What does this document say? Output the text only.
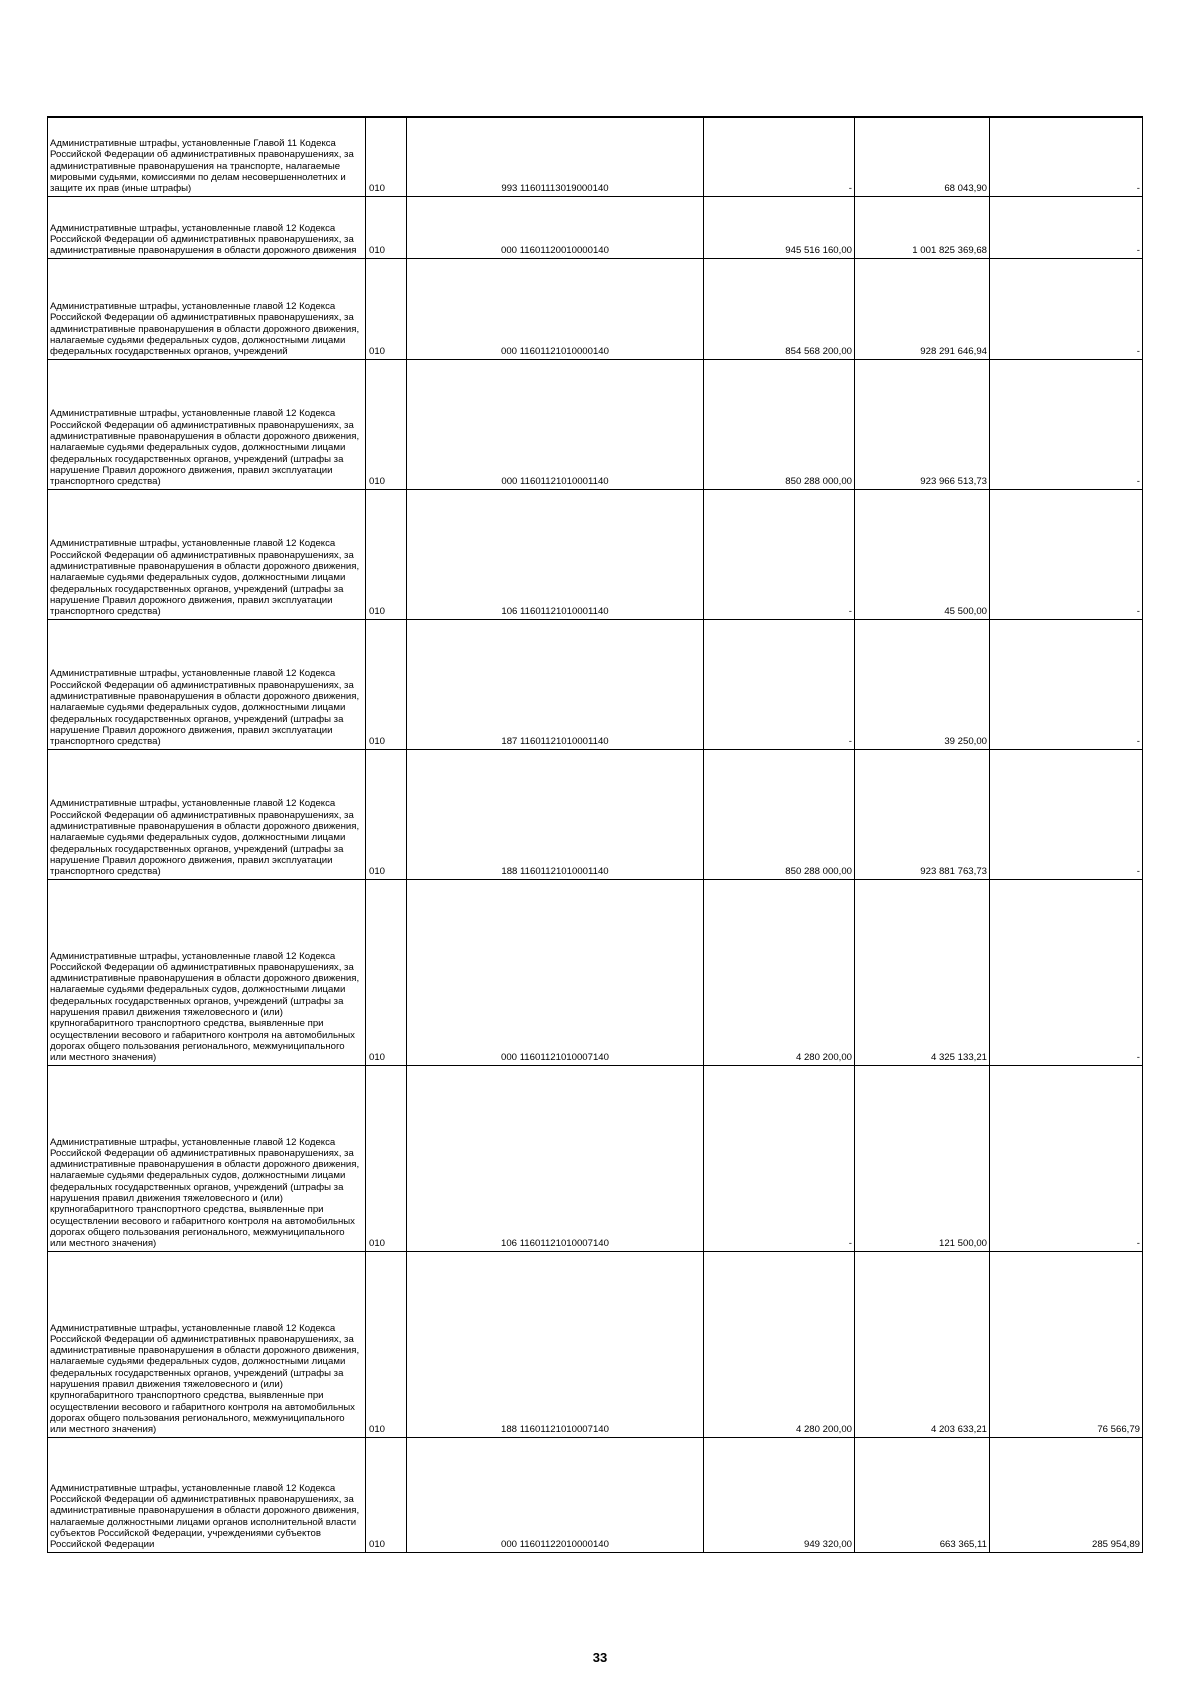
Административные штрафы, установленные Главой 11 Кодекса Российской Федерации об административных правонарушениях, за административные правонарушения на транспорте, налагаемые мировыми судьями, комиссиями по делам несовершеннолетних и защите их прав (иные штрафы)	010	993 11601113019000140	-	68 043,90	-
Административные штрафы, установленные главой 12 Кодекса Российской Федерации об административных правонарушениях, за административные правонарушения в области дорожного движения	010	000 11601120010000140	945 516 160,00	1 001 825 369,68	-
Административные штрафы, установленные главой 12 Кодекса Российской Федерации об административных правонарушениях, за административные правонарушения в области дорожного движения, налагаемые судьями федеральных судов, должностными лицами федеральных государственных органов, учреждений	010	000 11601121010000140	854 568 200,00	928 291 646,94	-
Административные штрафы, установленные главой 12 Кодекса Российской Федерации об административных правонарушениях, за административные правонарушения в области дорожного движения, налагаемые судьями федеральных судов, должностными лицами федеральных государственных органов, учреждений (штрафы за нарушение Правил дорожного движения, правил эксплуатации транспортного средства)	010	000 11601121010001140	850 288 000,00	923 966 513,73	-
Административные штрафы, установленные главой 12 Кодекса Российской Федерации об административных правонарушениях, за административные правонарушения в области дорожного движения, налагаемые судьями федеральных судов, должностными лицами федеральных государственных органов, учреждений (штрафы за нарушение Правил дорожного движения, правил эксплуатации транспортного средства)	010	106 11601121010001140	-	45 500,00	-
Административные штрафы, установленные главой 12 Кодекса Российской Федерации об административных правонарушениях, за административные правонарушения в области дорожного движения, налагаемые судьями федеральных судов, должностными лицами федеральных государственных органов, учреждений (штрафы за нарушение Правил дорожного движения, правил эксплуатации транспортного средства)	010	187 11601121010001140	-	39 250,00	-
Административные штрафы, установленные главой 12 Кодекса Российской Федерации об административных правонарушениях, за административные правонарушения в области дорожного движения, налагаемые судьями федеральных судов, должностными лицами федеральных государственных органов, учреждений (штрафы за нарушение Правил дорожного движения, правил эксплуатации транспортного средства)	010	188 11601121010001140	850 288 000,00	923 881 763,73	-
Административные штрафы, установленные главой 12 Кодекса Российской Федерации об административных правонарушениях, за административные правонарушения в области дорожного движения, налагаемые судьями федеральных судов, должностными лицами федеральных государственных органов, учреждений (штрафы за нарушения правил движения тяжеловесного и (или) крупногабаритного транспортного средства, выявленные при осуществлении весового и габаритного контроля на автомобильных дорогах общего пользования регионального, межмуниципального или местного значения)	010	000 11601121010007140	4 280 200,00	4 325 133,21	-
Административные штрафы, установленные главой 12 Кодекса Российской Федерации об административных правонарушениях, за административные правонарушения в области дорожного движения, налагаемые судьями федеральных судов, должностными лицами федеральных государственных органов, учреждений (штрафы за нарушения правил движения тяжеловесного и (или) крупногабаритного транспортного средства, выявленные при осуществлении весового и габаритного контроля на автомобильных дорогах общего пользования регионального, межмуниципального или местного значения)	010	106 11601121010007140	-	121 500,00	-
Административные штрафы, установленные главой 12 Кодекса Российской Федерации об административных правонарушениях, за административные правонарушения в области дорожного движения, налагаемые судьями федеральных судов, должностными лицами федеральных государственных органов, учреждений (штрафы за нарушения правил движения тяжеловесного и (или) крупногабаритного транспортного средства, выявленные при осуществлении весового и габаритного контроля на автомобильных дорогах общего пользования регионального, межмуниципального или местного значения)	010	188 11601121010007140	4 280 200,00	4 203 633,21	76 566,79
Административные штрафы, установленные главой 12 Кодекса Российской Федерации об административных правонарушениях, за административные правонарушения в области дорожного движения, налагаемые должностными лицами органов исполнительной власти субъектов Российской Федерации, учреждениями субъектов Российской Федерации	010	000 11601122010000140	949 320,00	663 365,11	285 954,89
33
